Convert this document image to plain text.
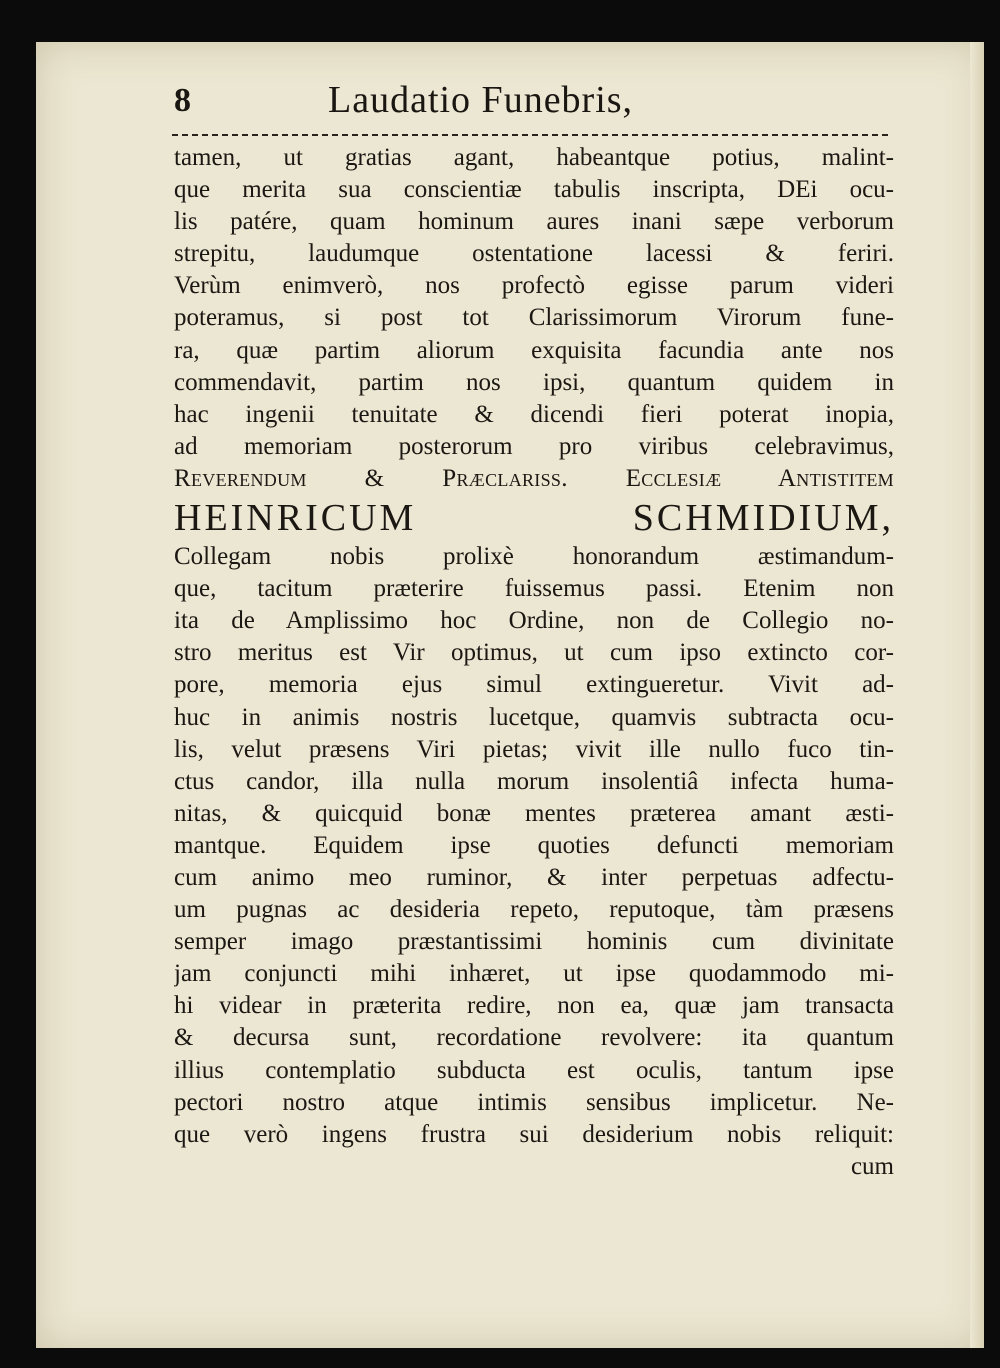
8	Laudatio Funebris,
tamen, ut gratias agant, habeantque potius, malint-
que merita sua conscientiæ tabulis inscripta, DEi ocu-
lis patére, quam hominum aures inani sæpe verborum
strepitu, laudumque ostentatione lacessi & feriri.
Verùm enimverò, nos profectò egisse parum videri
poteramus, si post tot Clarissimorum Virorum fune-
ra, quæ partim aliorum exquisita facundia ante nos
commendavit, partim nos ipsi, quantum quidem in
hac ingenii tenuitate & dicendi fieri poterat inopia,
ad memoriam posterorum pro viribus celebravimus,
Reverendum & Præclariss. Ecclesiæ Antistitem
HEINRICUM SCHMIDIUM,
Collegam nobis prolixè honorandum æstimandum-
que, tacitum præterire fuissemus passi. Etenim non
ita de Amplissimo hoc Ordine, non de Collegio no-
stro meritus est Vir optimus, ut cum ipso extincto cor-
pore, memoria ejus simul extingueretur. Vivit ad-
huc in animis nostris lucetque, quamvis subtracta ocu-
lis, velut præsens Viri pietas; vivit ille nullo fuco tin-
ctus candor, illa nulla morum insolentiâ infecta huma-
nitas, & quicquid bonæ mentes præterea amant æsti-
mantque. Equidem ipse quoties defuncti memoriam
cum animo meo ruminor, & inter perpetuas adfectu-
um pugnas ac desideria repeto, reputoque, tàm præsens
semper imago præstantissimi hominis cum divinitate
jam conjuncti mihi inhæret, ut ipse quodammodo mi-
hi videar in præterita redire, non ea, quæ jam transacta
& decursa sunt, recordatione revolvere: ita quantum
illius contemplatio subducta est oculis, tantum ipse
pectori nostro atque intimis sensibus implicetur. Ne-
que verò ingens frustra sui desiderium nobis reliquit:
cum
